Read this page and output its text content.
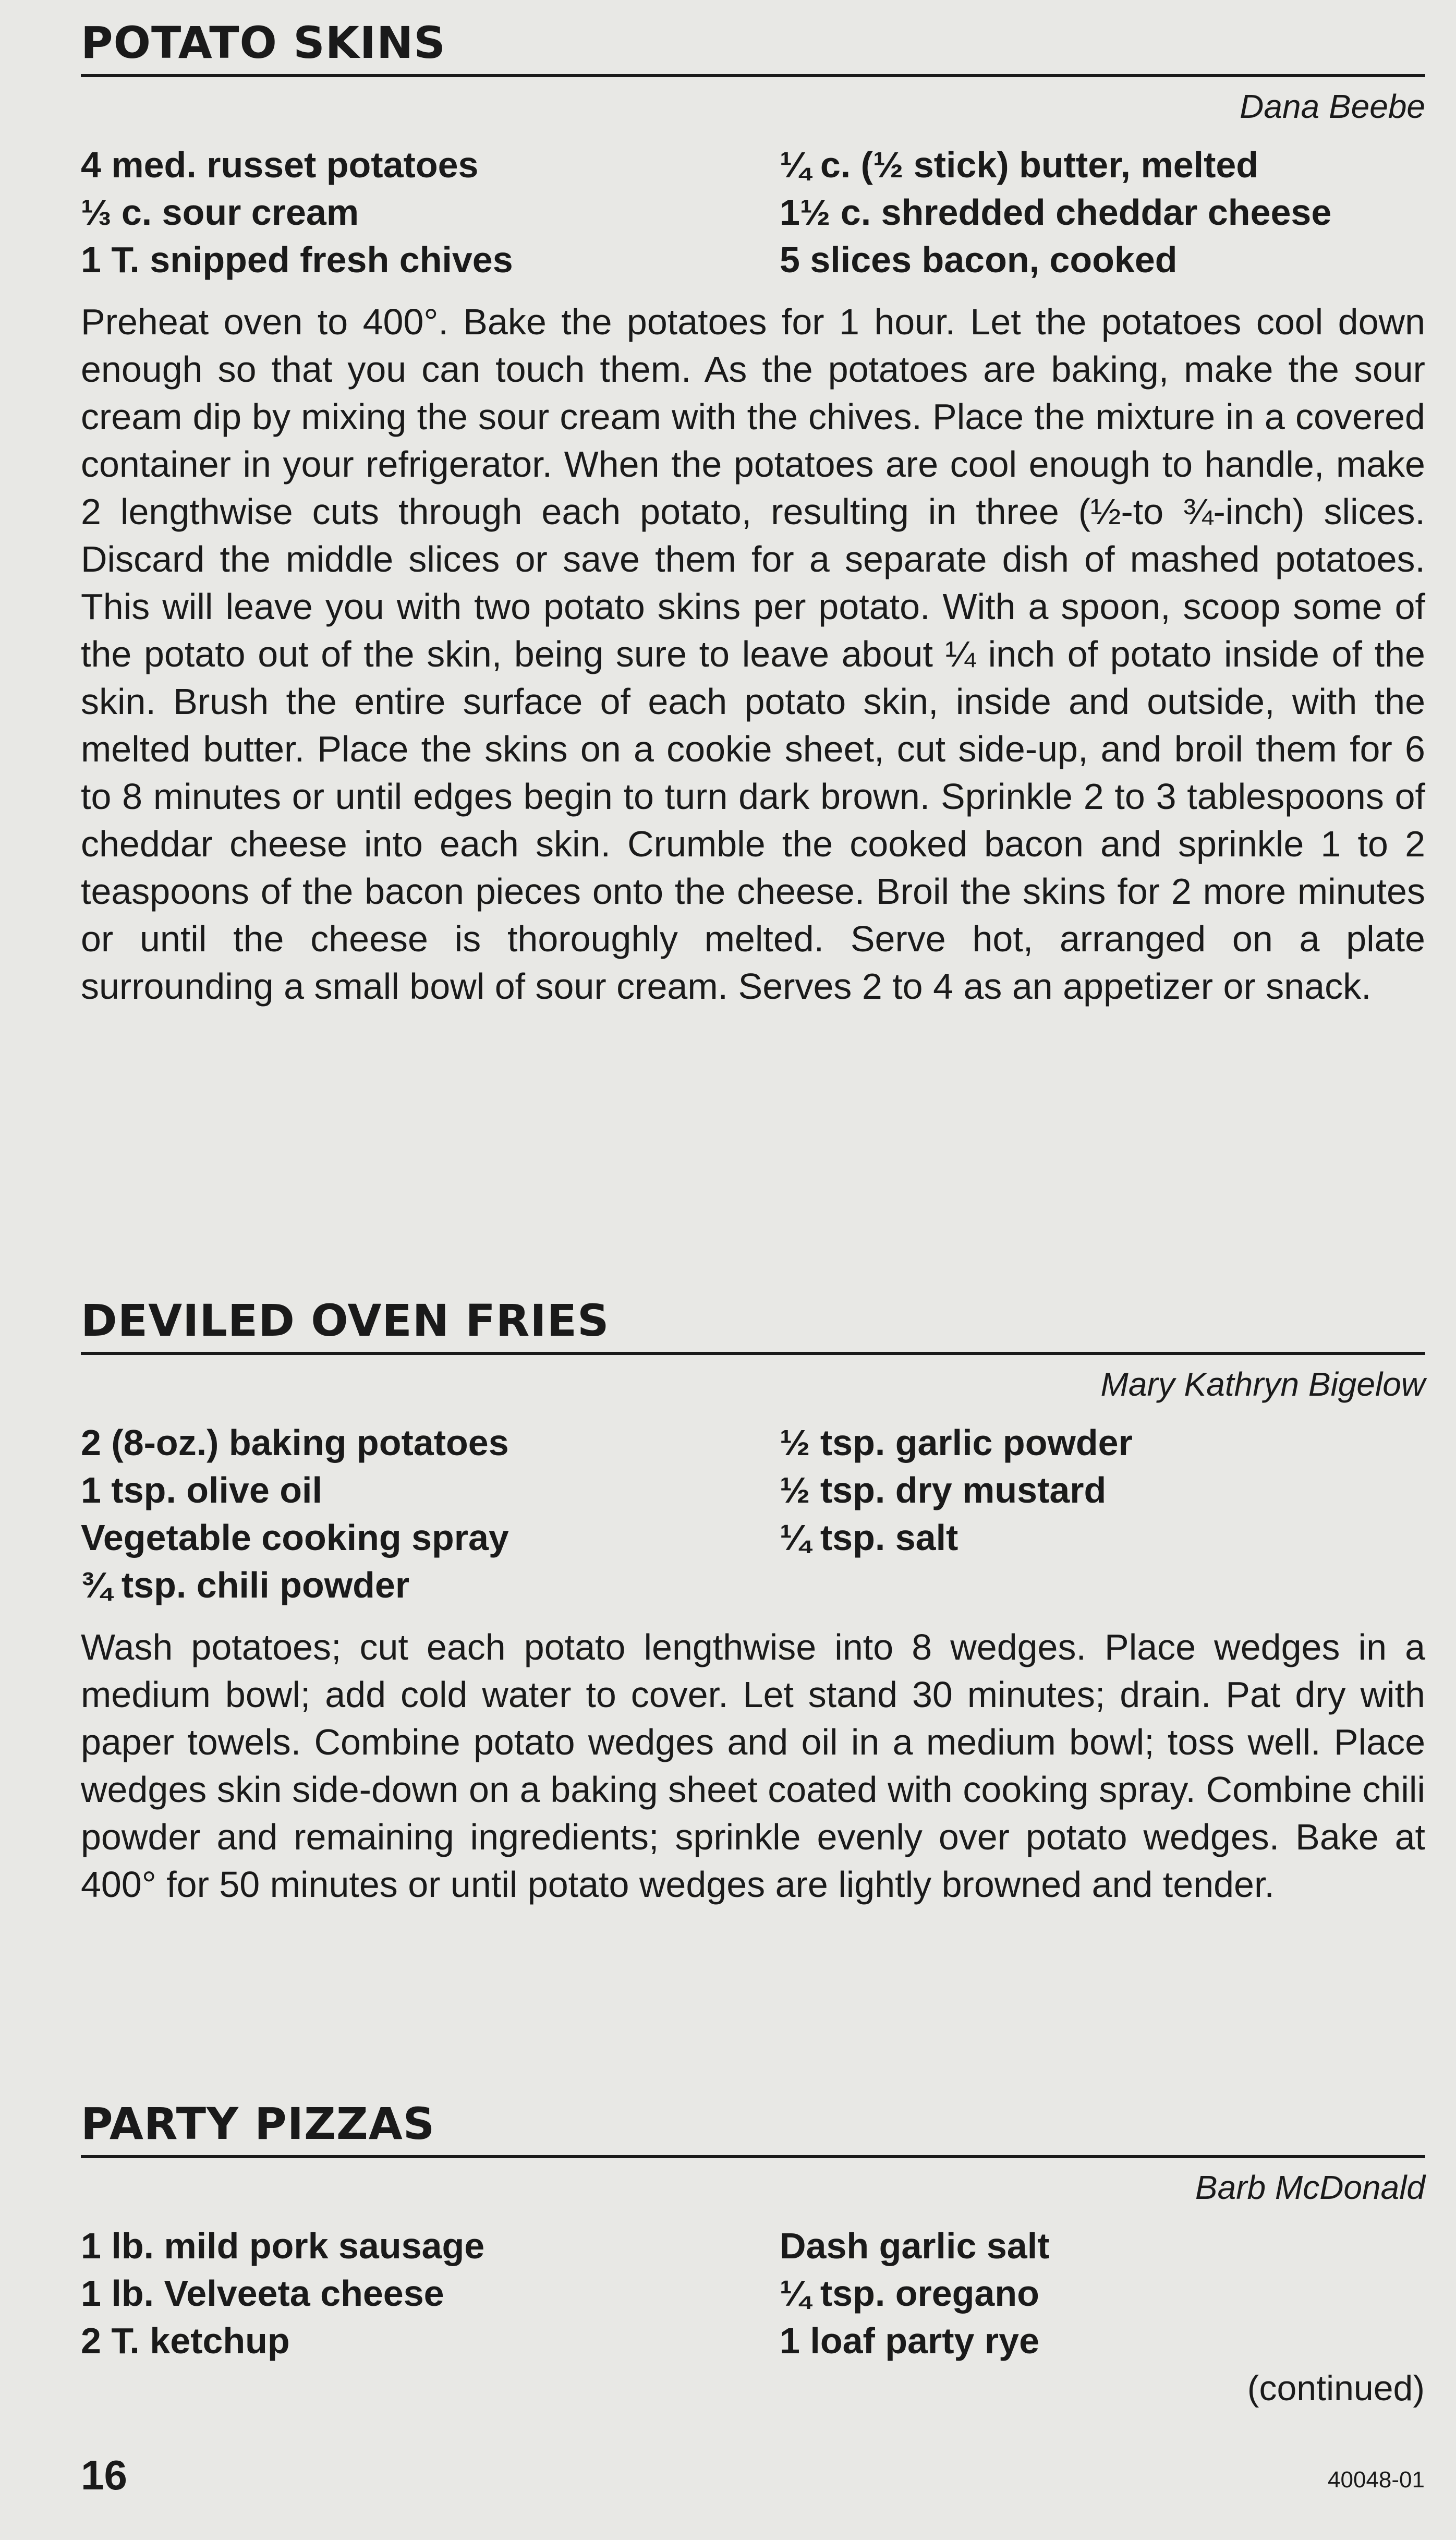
POTATO SKINS
Dana Beebe
4 med. russet potatoes	¼ c. (½ stick) butter, melted
⅓ c. sour cream	1½ c. shredded cheddar cheese
1 T. snipped fresh chives	5 slices bacon, cooked

Preheat oven to 400°. Bake the potatoes for 1 hour. Let the potatoes cool down enough so that you can touch them. As the potatoes are baking, make the sour cream dip by mixing the sour cream with the chives. Place the mixture in a covered container in your refrigerator. When the potatoes are cool enough to handle, make 2 lengthwise cuts through each potato, resulting in three (½-to ¾-inch) slices. Discard the middle slices or save them for a separate dish of mashed potatoes. This will leave you with two potato skins per potato. With a spoon, scoop some of the potato out of the skin, being sure to leave about ¼ inch of potato inside of the skin. Brush the entire surface of each potato skin, inside and outside, with the melted butter. Place the skins on a cookie sheet, cut side-up, and broil them for 6 to 8 minutes or until edges begin to turn dark brown. Sprinkle 2 to 3 tablespoons of cheddar cheese into each skin. Crumble the cooked bacon and sprinkle 1 to 2 teaspoons of the bacon pieces onto the cheese. Broil the skins for 2 more minutes or until the cheese is thoroughly melted. Serve hot, arranged on a plate surrounding a small bowl of sour cream. Serves 2 to 4 as an appetizer or snack.

DEVILED OVEN FRIES
Mary Kathryn Bigelow
2 (8-oz.) baking potatoes	½ tsp. garlic powder
1 tsp. olive oil	½ tsp. dry mustard
Vegetable cooking spray	¼ tsp. salt
¾ tsp. chili powder

Wash potatoes; cut each potato lengthwise into 8 wedges. Place wedges in a medium bowl; add cold water to cover. Let stand 30 minutes; drain. Pat dry with paper towels. Combine potato wedges and oil in a medium bowl; toss well. Place wedges skin side-down on a baking sheet coated with cooking spray. Combine chili powder and remaining ingredients; sprinkle evenly over potato wedges. Bake at 400° for 50 minutes or until potato wedges are lightly browned and tender.

PARTY PIZZAS
Barb McDonald
1 lb. mild pork sausage	Dash garlic salt
1 lb. Velveeta cheese	¼ tsp. oregano
2 T. ketchup	1 loaf party rye
(continued)
16	40048-01
